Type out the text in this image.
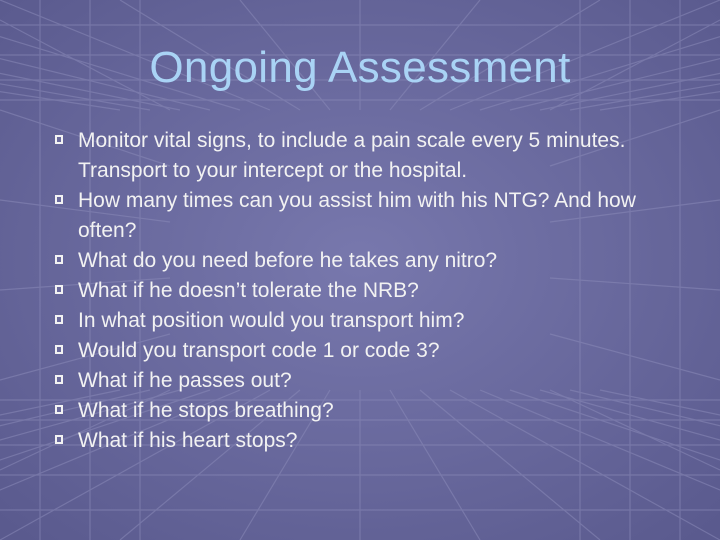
Ongoing Assessment
Monitor vital signs, to include a pain scale every 5 minutes. Transport to your intercept or the hospital.
How many times can you assist him with his NTG? And how often?
What do you need before he takes any nitro?
What if he doesn’t tolerate the NRB?
In what position would you transport him?
Would you transport code 1 or code 3?
What if he passes out?
What if he stops breathing?
What if his heart stops?
